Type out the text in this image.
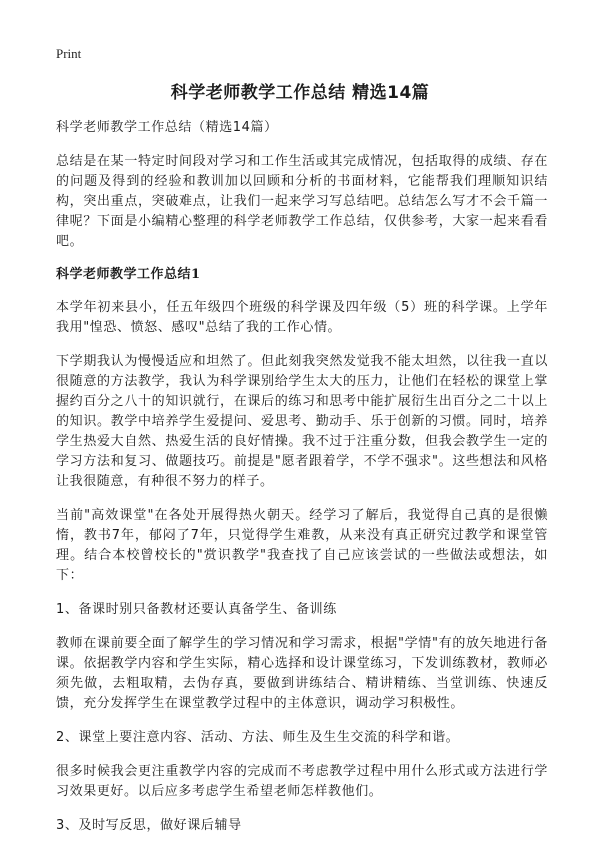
Print
科学老师教学工作总结 精选14篇

科学老师教学工作总结（精选14篇）

总结是在某一特定时间段对学习和工作生活或其完成情况，包括取得的成绩、存在的问题及得到的经验和教训加以回顾和分析的书面材料，它能帮我们理顺知识结构，突出重点，突破难点，让我们一起来学习写总结吧。总结怎么写才不会千篇一律呢？下面是小编精心整理的科学老师教学工作总结，仅供参考，大家一起来看看吧。

科学老师教学工作总结1

本学年初来县小，任五年级四个班级的科学课及四年级（5）班的科学课。上学年我用"惶恐、愤怒、感叹"总结了我的工作心情。

下学期我认为慢慢适应和坦然了。但此刻我突然发觉我不能太坦然，以往我一直以很随意的方法教学，我认为科学课别给学生太大的压力，让他们在轻松的课堂上掌握约百分之八十的知识就行，在课后的练习和思考中能扩展衍生出百分之二十以上的知识。教学中培养学生爱提问、爱思考、勤动手、乐于创新的习惯。同时，培养学生热爱大自然、热爱生活的良好情操。我不过于注重分数，但我会教学生一定的学习方法和复习、做题技巧。前提是"愿者跟着学，不学不强求"。这些想法和风格让我很随意，有种很不努力的样子。

当前"高效课堂"在各处开展得热火朝天。经学习了解后，我觉得自己真的是很懒惰，教书7年，郁闷了7年，只觉得学生难教，从来没有真正研究过教学和课堂管理。结合本校曾校长的"赏识教学"我查找了自己应该尝试的一些做法或想法，如下：

1、备课时别只备教材还要认真备学生、备训练

教师在课前要全面了解学生的学习情况和学习需求，根据"学情"有的放矢地进行备课。依据教学内容和学生实际，精心选择和设计课堂练习，下发训练教材，教师必须先做，去粗取精，去伪存真，要做到讲练结合、精讲精练、当堂训练、快速反馈，充分发挥学生在课堂教学过程中的主体意识，调动学习积极性。

2、课堂上要注意内容、活动、方法、师生及生生交流的科学和谐。

很多时候我会更注重教学内容的完成而不考虑教学过程中用什么形式或方法进行学习效果更好。以后应多考虑学生希望老师怎样教他们。

3、及时写反思，做好课后辅导
